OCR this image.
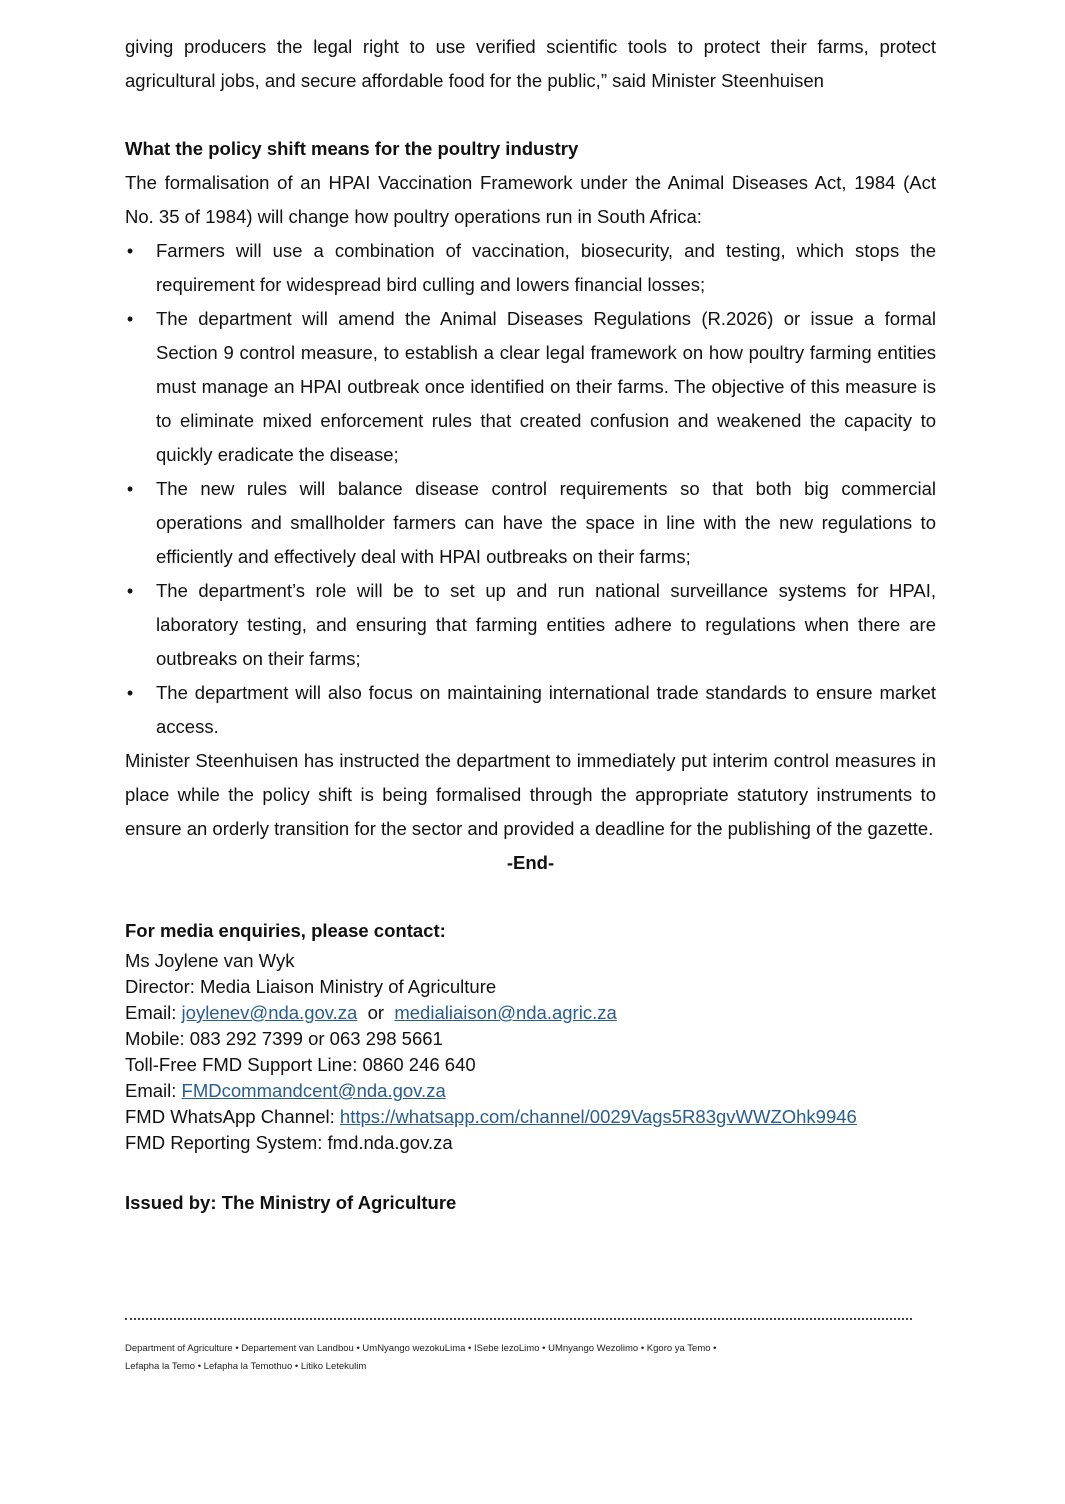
giving producers the legal right to use verified scientific tools to protect their farms, protect agricultural jobs, and secure affordable food for the public,” said Minister Steenhuisen

What the policy shift means for the poultry industry

The formalisation of an HPAI Vaccination Framework under the Animal Diseases Act, 1984 (Act No. 35 of 1984) will change how poultry operations run in South Africa:

• Farmers will use a combination of vaccination, biosecurity, and testing, which stops the requirement for widespread bird culling and lowers financial losses;
• The department will amend the Animal Diseases Regulations (R.2026) or issue a formal Section 9 control measure, to establish a clear legal framework on how poultry farming entities must manage an HPAI outbreak once identified on their farms. The objective of this measure is to eliminate mixed enforcement rules that created confusion and weakened the capacity to quickly eradicate the disease;
• The new rules will balance disease control requirements so that both big commercial operations and smallholder farmers can have the space in line with the new regulations to efficiently and effectively deal with HPAI outbreaks on their farms;
• The department’s role will be to set up and run national surveillance systems for HPAI, laboratory testing, and ensuring that farming entities adhere to regulations when there are outbreaks on their farms;
• The department will also focus on maintaining international trade standards to ensure market access.

Minister Steenhuisen has instructed the department to immediately put interim control measures in place while the policy shift is being formalised through the appropriate statutory instruments to ensure an orderly transition for the sector and provided a deadline for the publishing of the gazette.

-End-

For media enquiries, please contact:

Ms Joylene van Wyk

Director: Media Liaison Ministry of Agriculture

Email: joylenev@nda.gov.za  or  medialiaison@nda.agric.za

Mobile: 083 292 7399 or 063 298 5661

Toll-Free FMD Support Line: 0860 246 640

Email: FMDcommandcent@nda.gov.za

FMD WhatsApp Channel: https://whatsapp.com/channel/0029Vags5R83gvWWZOhk9946

FMD Reporting System: fmd.nda.gov.za

Issued by: The Ministry of Agriculture

Department of Agriculture • Departement van Landbou • UmNyango wezokuLima • ISebe lezoLimo • UMnyango Wezolimo • Kgoro ya Temo •
Lefapha la Temo • Lefapha la Temothuo • Litiko Letekulim
